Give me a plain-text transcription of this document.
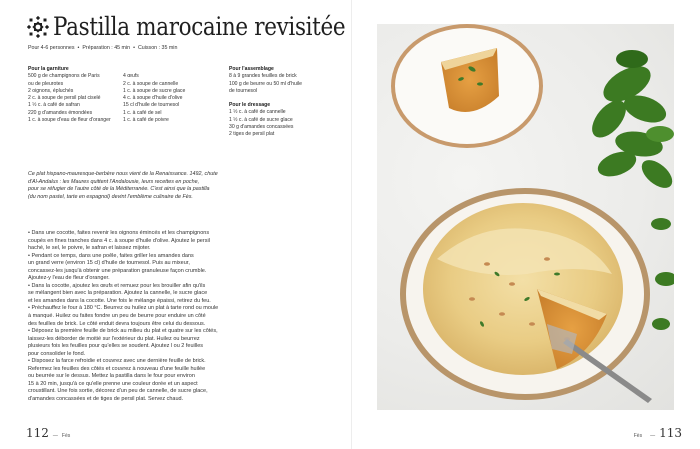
Pastilla marocaine revisitée
Pour 4-6 personnes • Préparation : 45 min • Cuisson : 35 min
Pour la garniture
500 g de champignons de Paris
ou de pleurotes
2 oignons, épluchés
2 c. à soupe de persil plat ciselé
1 ½ c. à café de safran
220 g d'amandes émondées
1 c. à soupe d'eau de fleur d'oranger
4 œufs
2 c. à soupe de cannelle
1 c. à soupe de sucre glace
4 c. à soupe d'huile d'olive
15 cl d'huile de tournesol
1 c. à café de sel
1 c. à café de poivre
Pour l'assemblage
8 à 9 grandes feuilles de brick
100 g de beurre ou 50 ml d'huile
de tournesol
Pour le dressage
1 ½ c. à café de cannelle
1 ½ c. à café de sucre glace
30 g d'amandes concassées
2 tiges de persil plat
Ce plat hispano-mauresque-berbère nous vient de la Renaissance. 1492, chute
d'Al-Andalus : les Maures quittent l'Andalousie, leurs recettes en poche,
pour se réfugier de l'autre côté de la Méditerranée. C'est ainsi que la pastilla
(du nom pastel, tarte en espagnol) devint l'emblème culinaire de Fès.
• Dans une cocotte, faites revenir les oignons émincés et les champignons
coupés en fines tranches dans 4 c. à soupe d'huile d'olive. Ajoutez le persil
haché, le sel, le poivre, le safran et laissez mijoter.
• Pendant ce temps, dans une poêle, faites griller les amandes dans
un grand verre (environ 15 cl) d'huile de tournesol. Puis au mixeur,
concassez-les jusqu'à obtenir une préparation granuleuse façon crumble.
Ajoutez-y l'eau de fleur d'oranger.
• Dans la cocotte, ajoutez les œufs et remuez pour les brouiller afin qu'ils
se mélangent bien avec la préparation. Ajoutez la cannelle, le sucre glace
et les amandes dans la cocotte. Une fois le mélange épaissi, retirez du feu.
• Préchauffez le four à 180 °C. Beurrez ou huilez un plat à tarte rond ou moule
à manqué. Huilez ou faites fondre un peu de beurre pour enduire un côté
des feuilles de brick. Le côté enduit devra toujours être celui du dessous.
• Déposez la première feuille de brick au milieu du plat et quatre sur les côtés,
laissez-les déborder de moitié sur l'extérieur du plat. Huilez ou beurrez
plusieurs fois les feuilles pour qu'elles se soudent. Ajoutez l ou 2 feuilles
pour consolider le fond.
• Disposez la farce refroidie et couvrez avec une dernière feuille de brick.
Refermez les feuilles des côtés et couvrez à nouveau d'une feuille huilée
ou beurrée sur le dessus. Mettez la pastilla dans le four pour environ
15 à 20 min, jusqu'à ce qu'elle prenne une couleur dorée et un aspect
croustillant. Une fois sortie, décorez d'un peu de cannelle, de sucre glace,
d'amandes concassées et de tiges de persil plat. Servez chaud.
112 — Fès	Fès — 113
